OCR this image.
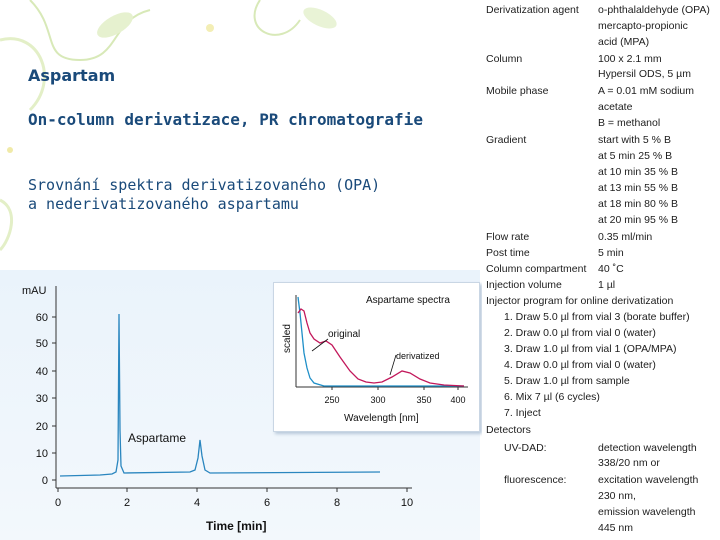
Aspartam
On-column derivatizace, PR chromatografie
Srovnání spektra derivatizovaného (OPA)
a nederivatizovaného aspartamu
mAU
60
50
40
30
20
10
0
0	2	4	6	8	10
Aspartame
Time [min]
Aspartame spectra
scaled	original
derivatized
250	300	350 400
Wavelength [nm]
Derivatization agent o-phthalaldehyde (OPA)
mercapto-propionic
acid (MPA)
Column	100 x 2.1 mm
Hypersil ODS, 5 µm
Mobile phase	A = 0.01 mM sodium
acetate
B = methanol
Gradient	start with 5 % B
at 5 min 25 % B
at 10 min 35 % B
at 13 min 55 % B
at 18 min 80 % B
at 20 min 95 % B
Flow rate	0.35 ml/min
Post time	5 min
Column compartment 40 ˚C
Injection volume	1 µl
Injector program for online derivatization
1. Draw 5.0 µl from vial 3 (borate buffer)
2. Draw 0.0 µl from vial 0 (water)
3. Draw 1.0 µl from vial 1 (OPA/MPA)
4. Draw 0.0 µl from vial 0 (water)
5. Draw 1.0 µl from sample
6. Mix 7 µl (6 cycles)
7. Inject
Detectors
UV-DAD:	detection wavelength
338/20 nm or
fluorescence:	excitation wavelength
230 nm,
emission wavelength
445 nm
